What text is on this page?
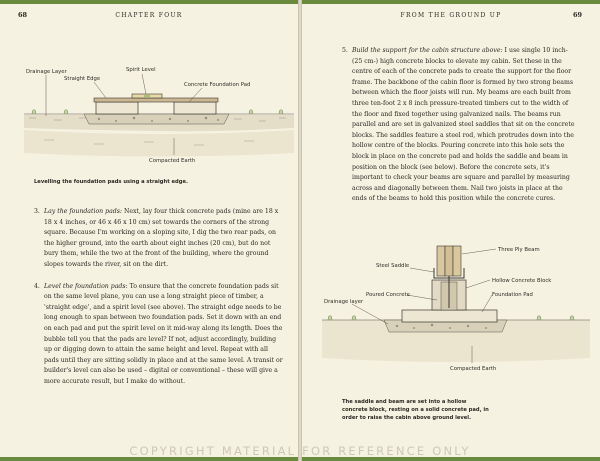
68	CHAPTER FOUR
Drainage Layer
Straight Edge
Spirit Level
Concrete Foundation Pad
Compacted Earth
Levelling the foundation pads using a straight edge.
3. Lay the foundation pads: Next, lay four thick concrete pads (mine are 18 x 18 x 4 inches, or 46 x 46 x 10 cm) set towards the corners of the strong square. Because I'm working on a sloping site, I dig the two rear pads, on the higher ground, into the earth about eight inches (20 cm), but do not bury them, while the two at the front of the building, where the ground slopes towards the river, sit on the dirt.
4. Level the foundation pads: To ensure that the concrete foundation pads sit on the same level plane, you can use a long straight piece of timber, a 'straight edge', and a spirit level (see above). The straight edge needs to be long enough to span between two foundation pads. Set it down with an end on each pad and put the spirit level on it mid-way along its length. Does the bubble tell you that the pads are level? If not, adjust accordingly, building up or digging down to attain the same height and level. Repeat with all pads until they are sitting solidly in place and at the same level. A transit or builder's level can also be used – digital or conventional – these will give a more accurate result, but I make do without.
FROM THE GROUND UP	69
5. Build the support for the cabin structure above: I use single 10 inch- (25 cm-) high concrete blocks to elevate my cabin. Set these in the centre of each of the concrete pads to create the support for the floor frame. The backbone of the cabin floor is formed by two strong beams between which the floor joists will run. My beams are each built from three ten-foot 2 x 8 inch pressure-treated timbers cut to the width of the floor and fixed together using galvanized nails. The beams run parallel and are set in galvanized steel saddles that sit on the concrete blocks. The saddles feature a steel rod, which protrudes down into the hollow centre of the blocks. Pouring concrete into this hole sets the block in place on the concrete pad and holds the saddle and beam in position on the block (see below). Before the concrete sets, it's important to check your beams are square and parallel by measuring across and diagonally between them. Nail two joists in place at the ends of the beams to hold this position while the concrete cures.
Three Ply Beam
Steel Saddle
Hollow Concrete Block
Poured Concrete	Foundation Pad
Drainage layer
Compacted Earth
The saddle and beam are set into a hollow concrete block, resting on a solid concrete pad, in order to raise the cabin above ground level.
COPYRIGHT MATERIAL FOR REFERENCE ONLY
